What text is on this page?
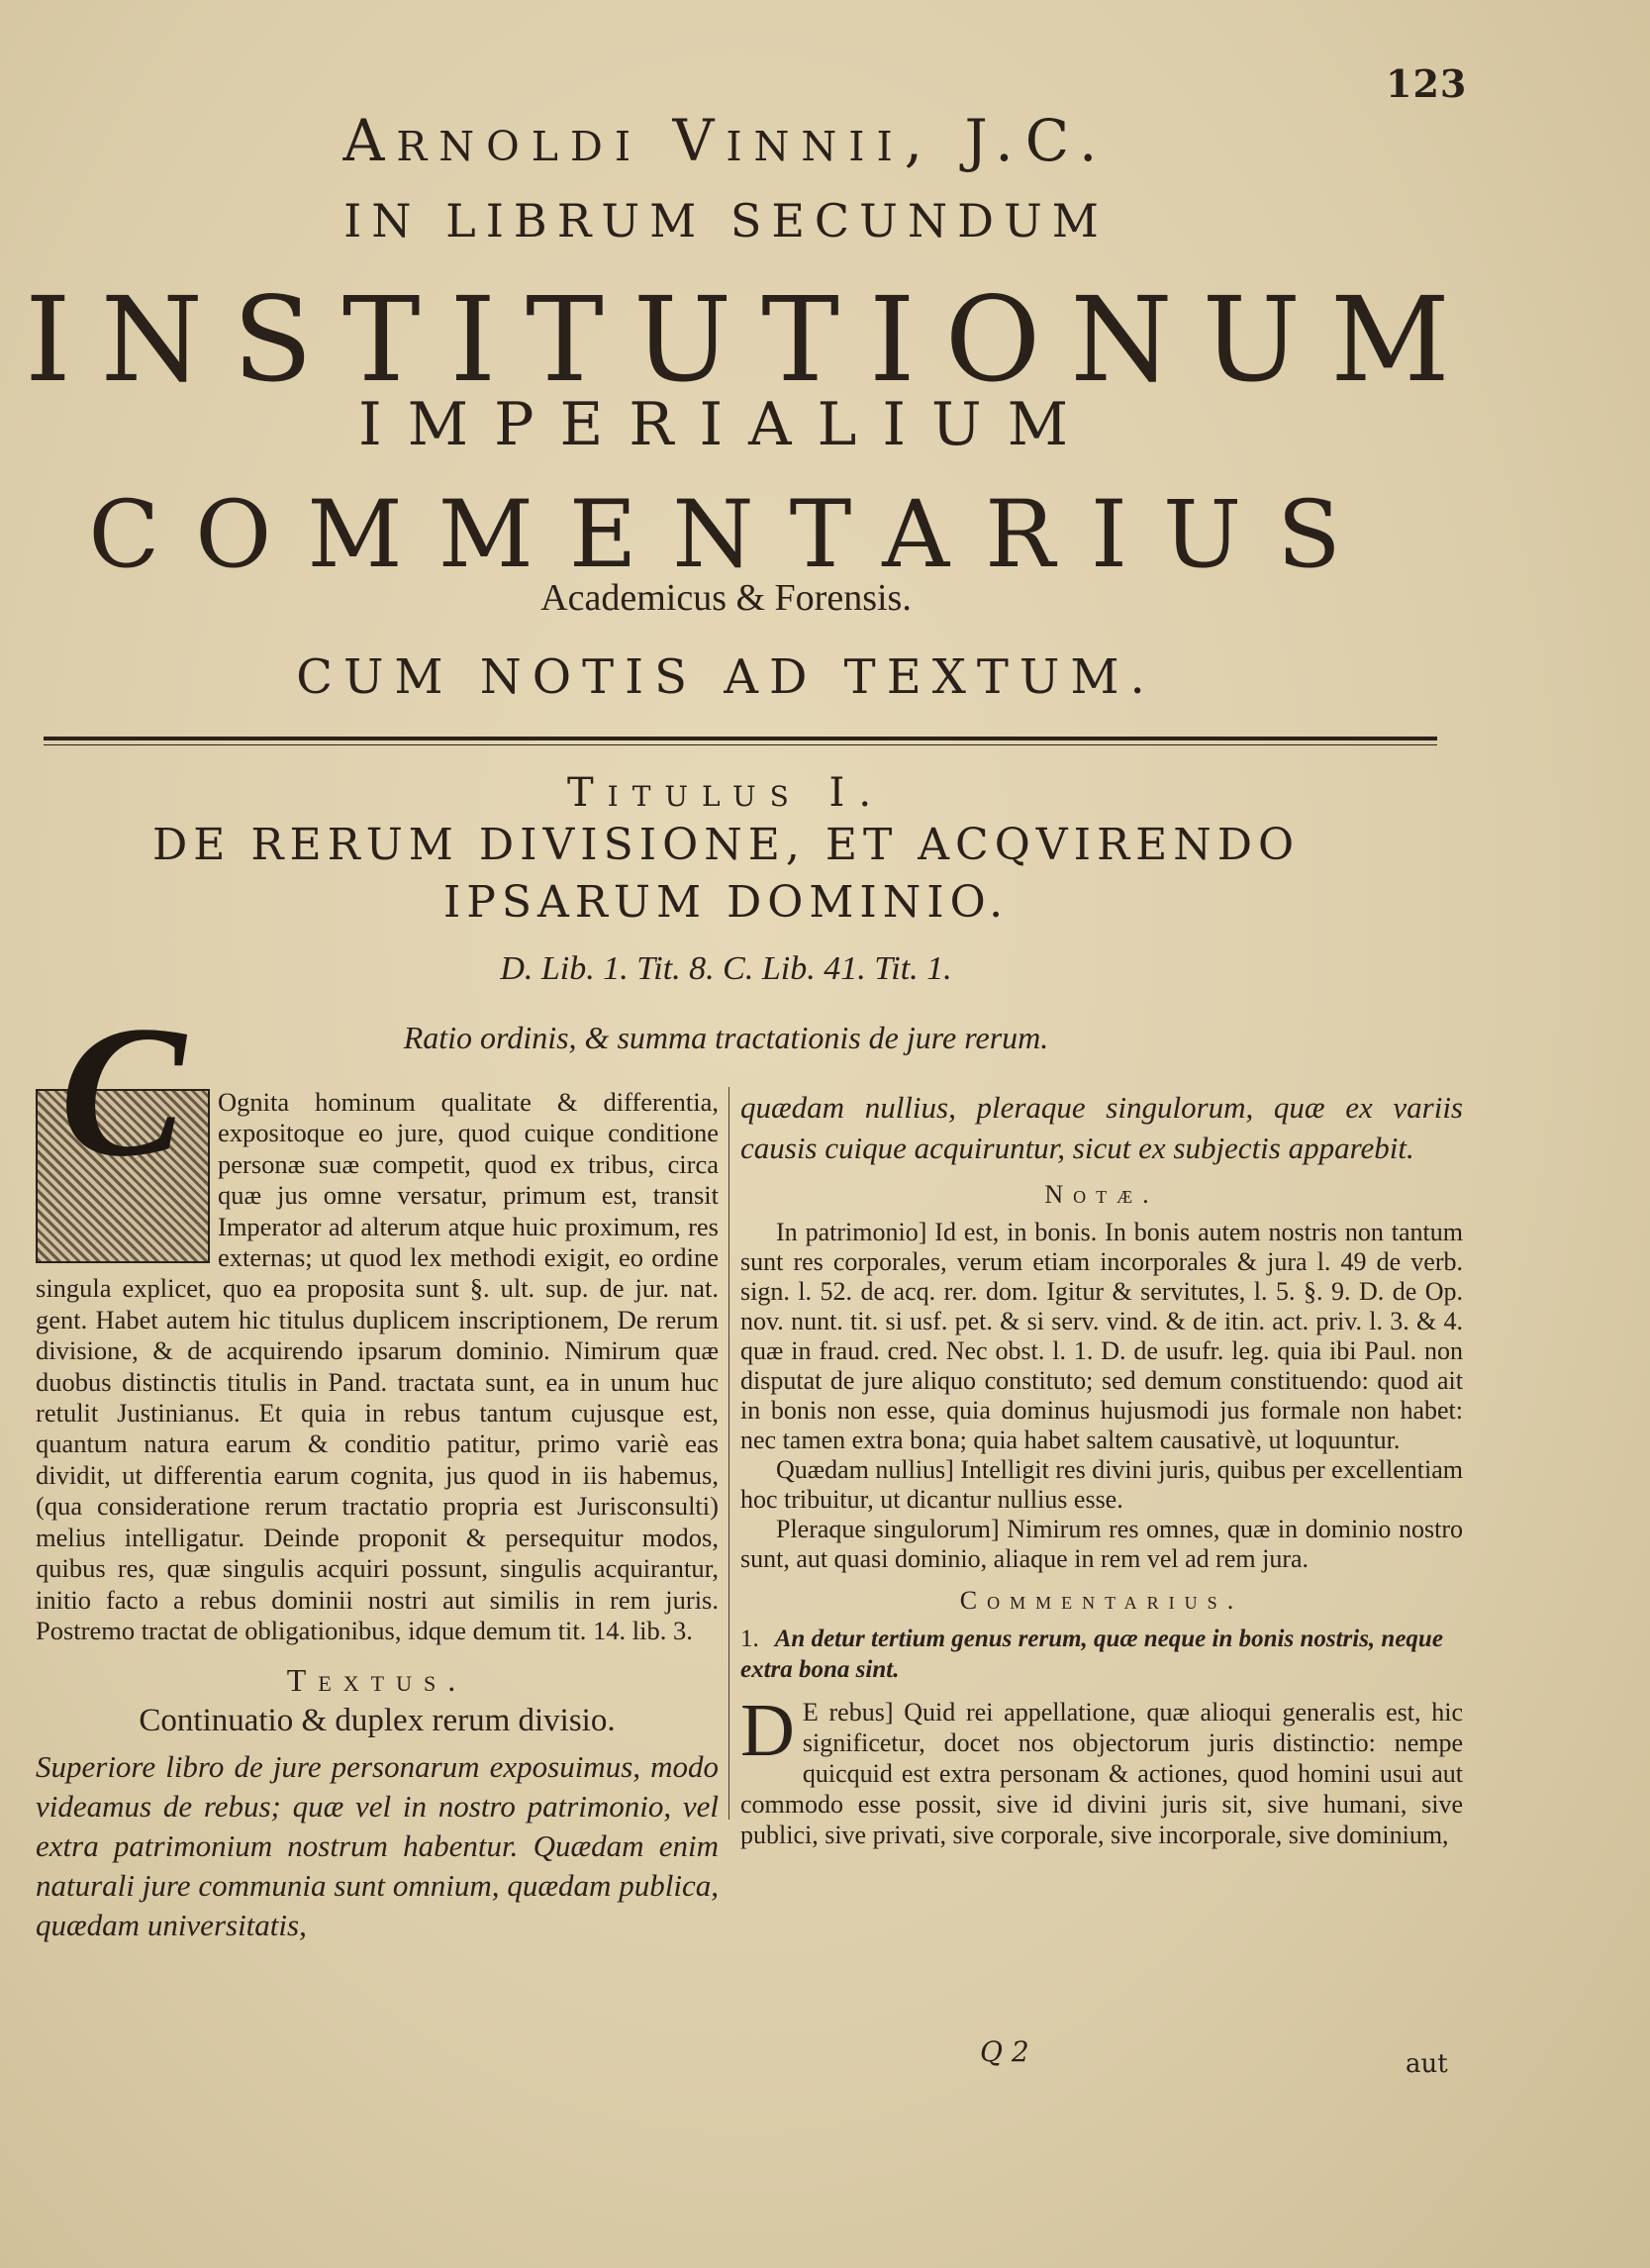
123
Arnoldi Vinnii, J.C.
IN LIBRUM SECUNDUM
INSTITUTIONUM
IMPERIALIUM
COMMENTARIUS
Academicus & Forensis.
CUM NOTIS AD TEXTUM.
Titulus I.
DE RERUM DIVISIONE, ET ACQVIRENDO
IPSARUM DOMINIO.
D. Lib. 1. Tit. 8. C. Lib. 41. Tit. 1.
Ratio ordinis, & summa tractationis de jure rerum.
C	Ognita hominum qualitate & differentia, expositoque eo jure, quod cuique conditione personæ suæ competit, quod ex tribus, circa quæ jus omne versatur, primum est, transit Imperator ad alterum atque huic proximum, res externas; ut quod lex methodi exigit, eo ordine singula explicet, quo ea proposita sunt §. ult. sup. de jur. nat. gent. Habet autem hic titulus duplicem inscriptionem, De rerum divisione, & de acquirendo ipsarum dominio. Nimirum quæ duobus distinctis titulis in Pand. tractata sunt, ea in unum huc retulit Justinianus. Et quia in rebus tantum cujusque est, quantum natura earum & conditio patitur, primo variè eas dividit, ut differentia earum cognita, jus quod in iis habemus, (qua consideratione rerum tractatio propria est Jurisconsulti) melius intelligatur. Deinde proponit & persequitur modos, quibus res, quæ singulis acquiri possunt, singulis acquirantur, initio facto a rebus dominii nostri aut similis in rem juris. Postremo tractat de obligationibus, idque demum tit. 14. lib. 3.
Textus.
Continuatio & duplex rerum divisio.
Superiore libro de jure personarum exposuimus, modo videamus de rebus; quæ vel in nostro patrimonio, vel extra patrimonium nostrum habentur. Quædam enim naturali jure communia sunt omnium, quædam publica, quædam universitatis,
quædam nullius, pleraque singulorum, quæ ex variis causis cuique acquiruntur, sicut ex subjectis apparebit.
Notæ.

In patrimonio] Id est, in bonis. In bonis autem nostris non tantum sunt res corporales, verum etiam incorporales & jura l. 49 de verb. sign. l. 52. de acq. rer. dom. Igitur & servitutes, l. 5. §. 9. D. de Op. nov. nunt. tit. si usf. pet. & si serv. vind. & de itin. act. priv. l. 3. & 4. quæ in fraud. cred. Nec obst. l. 1. D. de usufr. leg. quia ibi Paul. non disputat de jure aliquo constituto; sed demum constituendo: quod ait in bonis non esse, quia dominus hujusmodi jus formale non habet: nec tamen extra bona; quia habet saltem causativè, ut loquuntur.

Quædam nullius] Intelligit res divini juris, quibus per excellentiam hoc tribuitur, ut dicantur nullius esse.

Pleraque singulorum] Nimirum res omnes, quæ in dominio nostro sunt, aut quasi dominio, aliaque in rem vel ad rem jura.

Commentarius.
1. An detur tertium genus rerum, quæ neque in bonis nostris, neque extra bona sint.
D E rebus] Quid rei appellatione, quæ alioqui generalis est, hic significetur, docet nos objectorum juris distinctio: nempe quicquid est extra personam & actiones, quod homini usui aut commodo esse possit, sive id divini juris sit, sive humani, sive publici, sive privati, sive corporale, sive incorporale, sive dominium,
Q 2	aut
